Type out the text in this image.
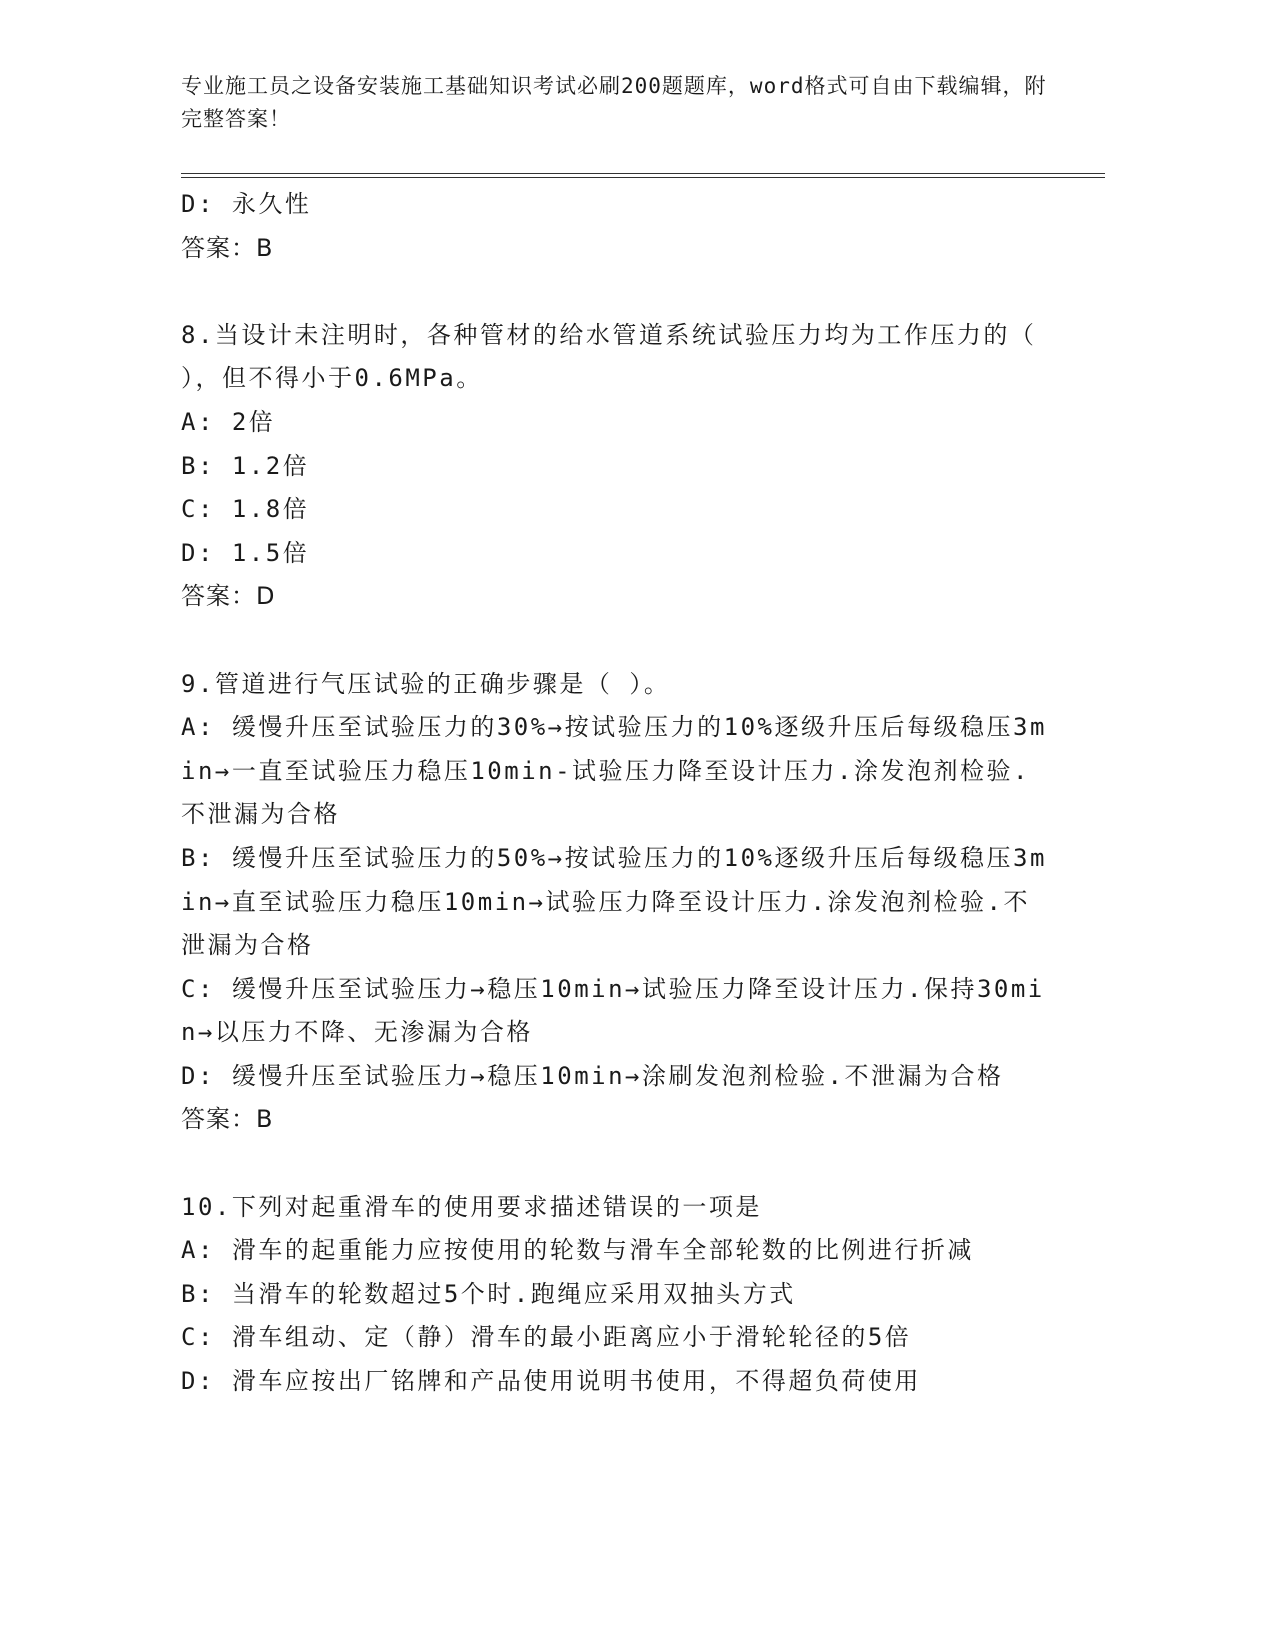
专业施工员之设备安装施工基础知识考试必刷200题题库，word格式可自由下载编辑，附完整答案！
D: 永久性
答案：B
8.当设计未注明时，各种管材的给水管道系统试验压力均为工作压力的（ ），但不得小于0.6MPa。
A: 2倍
B: 1.2倍
C: 1.8倍
D: 1.5倍
答案：D
9.管道进行气压试验的正确步骤是（ ）。
A: 缓慢升压至试验压力的30%→按试验压力的10%逐级升压后每级稳压3min→一直至试验压力稳压10min-试验压力降至设计压力.涂发泡剂检验.不泄漏为合格
B: 缓慢升压至试验压力的50%→按试验压力的10%逐级升压后每级稳压3min→直至试验压力稳压10min→试验压力降至设计压力.涂发泡剂检验.不泄漏为合格
C: 缓慢升压至试验压力→稳压10min→试验压力降至设计压力.保持30min→以压力不降、无渗漏为合格
D: 缓慢升压至试验压力→稳压10min→涂刷发泡剂检验.不泄漏为合格
答案：B
10.下列对起重滑车的使用要求描述错误的一项是
A: 滑车的起重能力应按使用的轮数与滑车全部轮数的比例进行折减
B: 当滑车的轮数超过5个时.跑绳应采用双抽头方式
C: 滑车组动、定（静）滑车的最小距离应小于滑轮轮径的5倍
D: 滑车应按出厂铭牌和产品使用说明书使用，不得超负荷使用
